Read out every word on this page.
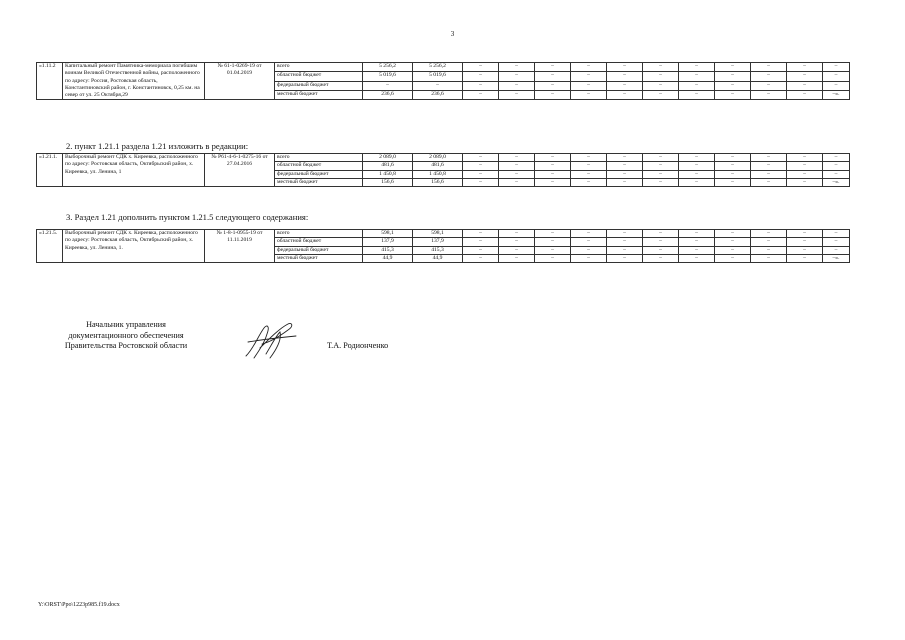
3
«1.11.2	Капитальный ремонт Памятника-мемориала погибшим воинам Великой Отечественной войны, расположенного по адресу: Россия, Ростовская область, Константиновский район, г. Константиновск, 0,25 км. на север от ул. 25 Октября,29	№ 61-1-0269-19 от 01.04.2019	всего	5 256,2	5 256,2	–	–	–	–	–	–	–	–	–	–	–
			областной бюджет	5 019,6	5 019,6	–	–	–	–	–	–	–	–	–	–	–
			федеральный бюджет	–	–	–	–	–	–	–	–	–	–	–	–	–
			местный бюджет	236,6	236,6	–	–	–	–	–	–	–	–	–	–	–».
2. пункт 1.21.1 раздела 1.21 изложить в редакции:
«1.21.1.	Выборочный ремонт СДК х. Киреевка, расположенного по адресу: Ростовская область, Октябрьский район, х. Киреевка, ул. Ленина, 1	№ Р61-4-6-1-0275-16 от 27.04.2016	всего	2 089,0	2 089,0	–	–	–	–	–	–	–	–	–	–	–
			областной бюджет	481,6	481,6	–	–	–	–	–	–	–	–	–	–	–
			федеральный бюджет	1 450,8	1 450,8	–	–	–	–	–	–	–	–	–	–	–
			местный бюджет	156,6	156,6	–	–	–	–	–	–	–	–	–	–	–».
3. Раздел 1.21 дополнить пунктом 1.21.5 следующего содержания:
«1.21.5.	Выборочный ремонт СДК х. Киреевка, расположенного по адресу: Ростовская область, Октябрьский район, х. Киреевка, ул. Ленина, 1.	№ 1-8-1-0955-19 от 11.11.2019	всего	598,1	598,1	–	–	–	–	–	–	–	–	–	–	–
			областной бюджет	137,9	137,9	–	–	–	–	–	–	–	–	–	–	–
			федеральный бюджет	415,3	415,3	–	–	–	–	–	–	–	–	–	–	–
			местный бюджет	44,9	44,9	–	–	–	–	–	–	–	–	–	–	–».
Начальник управления
документационного обеспечения
Правительства Ростовской области	Т.А. Родионченко
Y:\ORST\Ppo\1223p985.f19.docx
